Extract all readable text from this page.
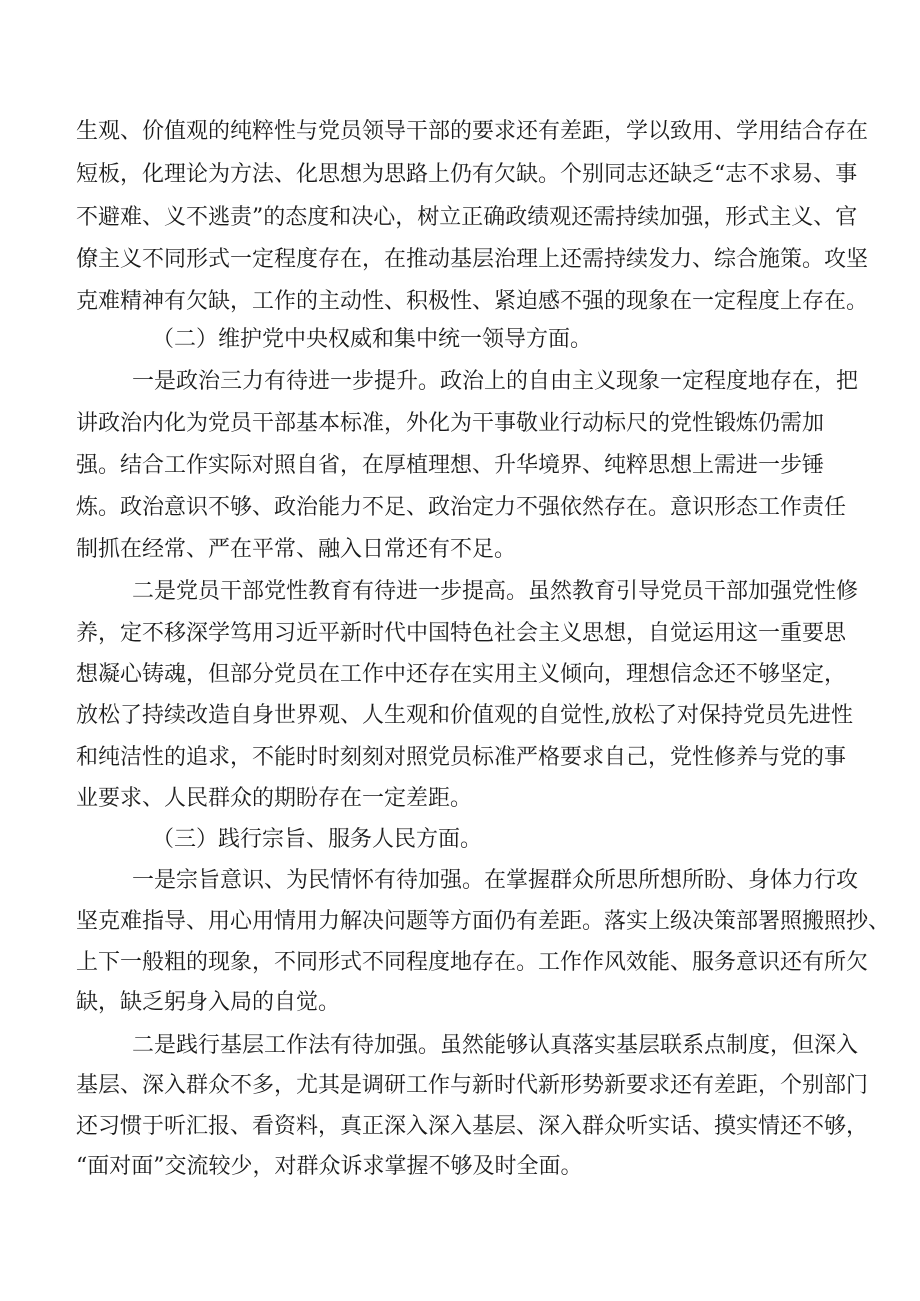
生观、价值观的纯粹性与党员领导干部的要求还有差距，学以致用、学用结合存在
短板，化理论为方法、化思想为思路上仍有欠缺。个别同志还缺乏“志不求易、事
不避难、义不逃责”的态度和决心，树立正确政绩观还需持续加强，形式主义、官
僚主义不同形式一定程度存在，在推动基层治理上还需持续发力、综合施策。攻坚
克难精神有欠缺，工作的主动性、积极性、紧迫感不强的现象在一定程度上存在。
（二）维护党中央权威和集中统一领导方面。
一是政治三力有待进一步提升。政治上的自由主义现象一定程度地存在，把
讲政治内化为党员干部基本标准，外化为干事敬业行动标尺的党性锻炼仍需加
强。结合工作实际对照自省，在厚植理想、升华境界、纯粹思想上需进一步锤
炼。政治意识不够、政治能力不足、政治定力不强依然存在。意识形态工作责任
制抓在经常、严在平常、融入日常还有不足。
二是党员干部党性教育有待进一步提高。虽然教育引导党员干部加强党性修
养，定不移深学笃用习近平新时代中国特色社会主义思想，自觉运用这一重要思
想凝心铸魂，但部分党员在工作中还存在实用主义倾向，理想信念还不够坚定，
放松了持续改造自身世界观、人生观和价值观的自觉性,放松了对保持党员先进性
和纯洁性的追求，不能时时刻刻对照党员标准严格要求自己，党性修养与党的事
业要求、人民群众的期盼存在一定差距。
（三）践行宗旨、服务人民方面。
一是宗旨意识、为民情怀有待加强。在掌握群众所思所想所盼、身体力行攻
坚克难指导、用心用情用力解决问题等方面仍有差距。落实上级决策部署照搬照抄、
上下一般粗的现象，不同形式不同程度地存在。工作作风效能、服务意识还有所欠
缺，缺乏躬身入局的自觉。
二是践行基层工作法有待加强。虽然能够认真落实基层联系点制度，但深入
基层、深入群众不多，尤其是调研工作与新时代新形势新要求还有差距，个别部门
还习惯于听汇报、看资料，真正深入深入基层、深入群众听实话、摸实情还不够，
“面对面”交流较少，对群众诉求掌握不够及时全面。
